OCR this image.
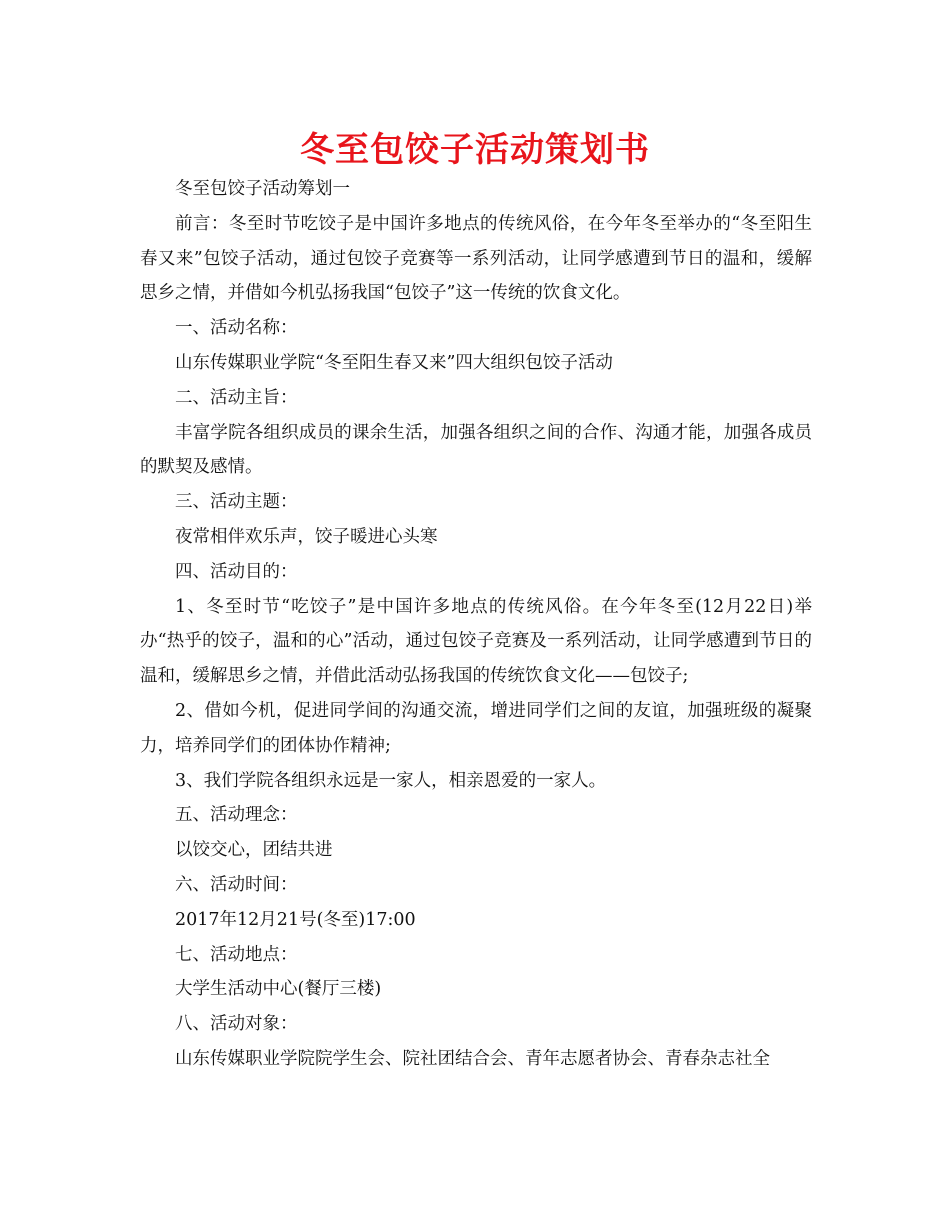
冬至包饺子活动策划书

冬至包饺子活动筹划一

前言：冬至时节吃饺子是中国许多地点的传统风俗，在今年冬至举办的“冬至阳生春又来”包饺子活动，通过包饺子竞赛等一系列活动，让同学感遭到节日的温和，缓解思乡之情，并借如今机弘扬我国“包饺子”这一传统的饮食文化。

一、活动名称：

山东传媒职业学院“冬至阳生春又来”四大组织包饺子活动

二、活动主旨：

丰富学院各组织成员的课余生活，加强各组织之间的合作、沟通才能，加强各成员的默契及感情。

三、活动主题：

夜常相伴欢乐声，饺子暖进心头寒

四、活动目的：

1、冬至时节“吃饺子”是中国许多地点的传统风俗。在今年冬至(12月22日)举办“热乎的饺子，温和的心”活动，通过包饺子竞赛及一系列活动，让同学感遭到节日的温和，缓解思乡之情，并借此活动弘扬我国的传统饮食文化——包饺子;

2、借如今机，促进同学间的沟通交流，增进同学们之间的友谊，加强班级的凝聚力，培养同学们的团体协作精神;

3、我们学院各组织永远是一家人，相亲恩爱的一家人。

五、活动理念：

以饺交心，团结共进

六、活动时间：

2017年12月21号(冬至)17:00

七、活动地点：

大学生活动中心(餐厅三楼)

八、活动对象：

山东传媒职业学院院学生会、院社团结合会、青年志愿者协会、青春杂志社全
